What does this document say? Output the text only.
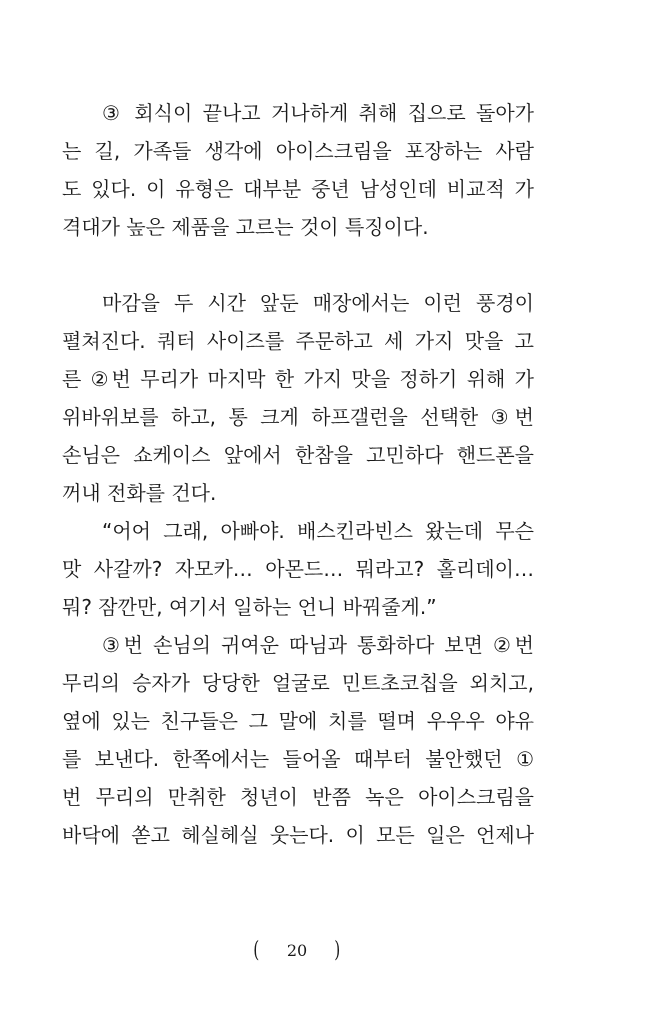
③ 회식이 끝나고 거나하게 취해 집으로 돌아가
는 길, 가족들 생각에 아이스크림을 포장하는 사람
도 있다. 이 유형은 대부분 중년 남성인데 비교적 가
격대가 높은 제품을 고르는 것이 특징이다.
마감을 두 시간 앞둔 매장에서는 이런 풍경이
펼쳐진다. 쿼터 사이즈를 주문하고 세 가지 맛을 고
른 ②번 무리가 마지막 한 가지 맛을 정하기 위해 가
위바위보를 하고, 통 크게 하프갤런을 선택한 ③번
손님은 쇼케이스 앞에서 한참을 고민하다 핸드폰을
꺼내 전화를 건다.
“어어 그래, 아빠야. 배스킨라빈스 왔는데 무슨
맛 사갈까? 자모카… 아몬드… 뭐라고? 홀리데이…
뭐? 잠깐만, 여기서 일하는 언니 바꿔줄게.”
③번 손님의 귀여운 따님과 통화하다 보면 ②번
무리의 승자가 당당한 얼굴로 민트초코칩을 외치고,
옆에 있는 친구들은 그 말에 치를 떨며 우우우 야유
를 보낸다. 한쪽에서는 들어올 때부터 불안했던 ①
번 무리의 만취한 청년이 반쯤 녹은 아이스크림을
바닥에 쏟고 헤실헤실 웃는다. 이 모든 일은 언제나
( 20 )
